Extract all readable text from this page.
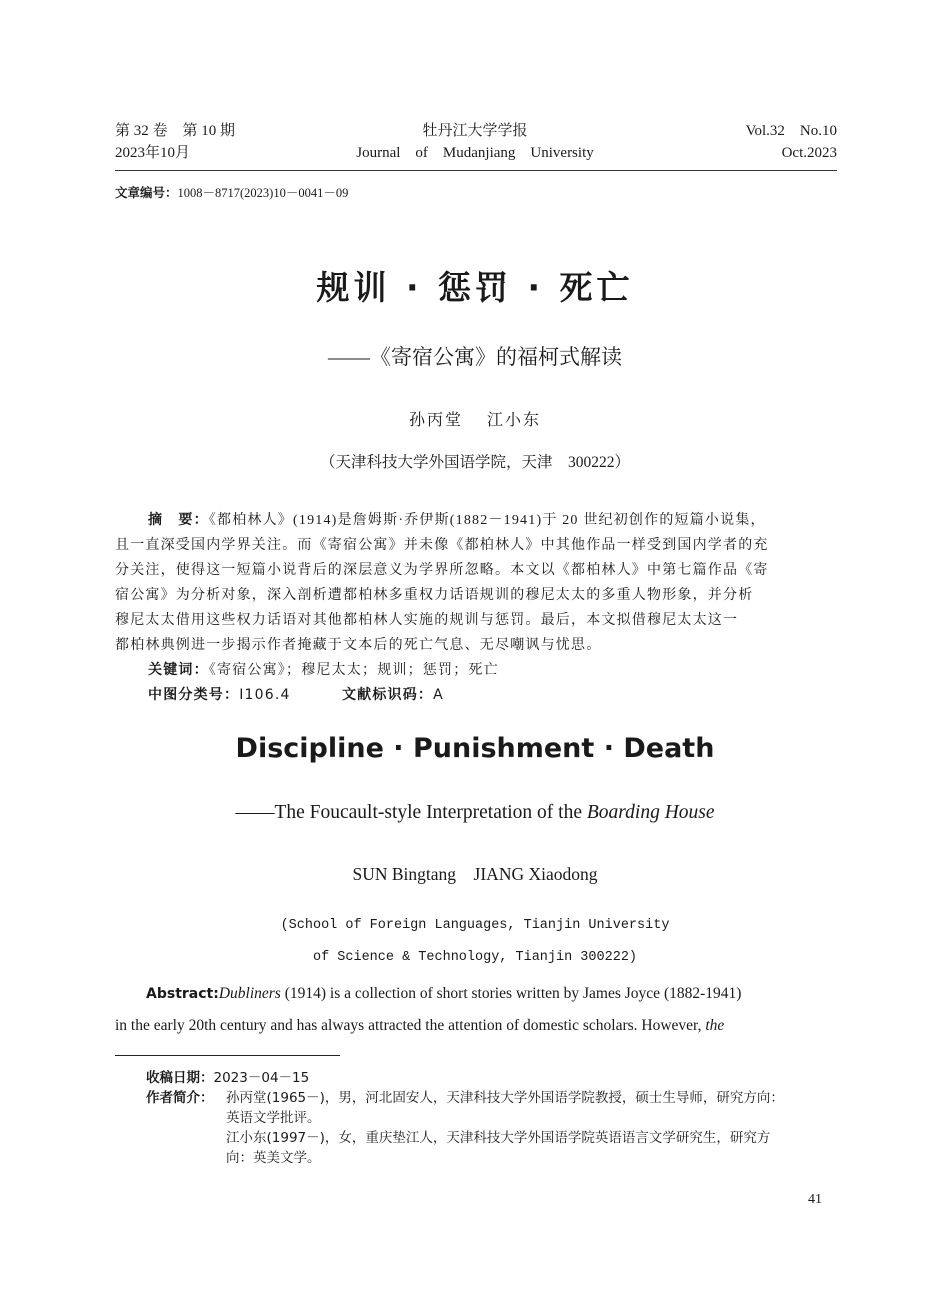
第 32 卷　第 10 期
2023年10月
牡丹江大学学报
Journal　of　Mudanjiang　University
Vol.32　No.10
Oct.2023
文章编号：1008－8717(2023)10－0041－09
规训 · 惩罚 · 死亡
——《寄宿公寓》的福柯式解读
孙丙堂　 江小东
（天津科技大学外国语学院，天津　300222）
摘　要：《都柏林人》(1914)是詹姆斯·乔伊斯(1882－1941)于 20 世纪初创作的短篇小说集，
且一直深受国内学界关注。而《寄宿公寓》并未像《都柏林人》中其他作品一样受到国内学者的充
分关注，使得这一短篇小说背后的深层意义为学界所忽略。本文以《都柏林人》中第七篇作品《寄
宿公寓》为分析对象，深入剖析遭都柏林多重权力话语规训的穆尼太太的多重人物形象，并分析
穆尼太太借用这些权力话语对其他都柏林人实施的规训与惩罚。最后，本文拟借穆尼太太这一
都柏林典例进一步揭示作者掩藏于文本后的死亡气息、无尽嘲讽与忧思。
关键词：《寄宿公寓》；穆尼太太；规训；惩罚；死亡
中图分类号：I106.4	文献标识码：A
Discipline · Punishment · Death
——The Foucault-style Interpretation of the Boarding House
SUN Bingtang　JIANG Xiaodong
(School of Foreign Languages, Tianjin University
of Science & Technology, Tianjin 300222)
Abstract:Dubliners (1914) is a collection of short stories written by James Joyce (1882-1941)
in the early 20th century and has always attracted the attention of domestic scholars. However, the
收稿日期：2023－04－15
作者简介： 孙丙堂(1965－)，男，河北固安人，天津科技大学外国语学院教授，硕士生导师，研究方向：
英语文学批评。
江小东(1997－)，女，重庆垫江人，天津科技大学外国语学院英语语言文学研究生，研究方
向：英美文学。
41
